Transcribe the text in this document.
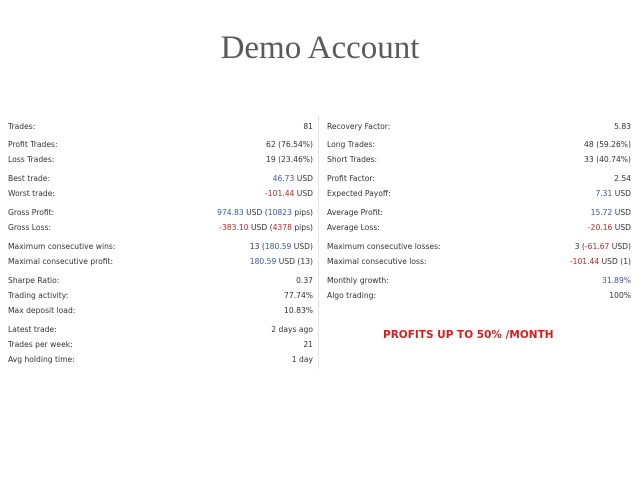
Demo Account
Trades:	81
Profit Trades:	62 (76.54%)
Loss Trades:	19 (23.46%)
Best trade:	46.73 USD
Worst trade:	-101.44 USD
Gross Profit:	974.83 USD (10823 pips)
Gross Loss:	-383.10 USD (4378 pips)
Maximum consecutive wins:	13 (180.59 USD)
Maximal consecutive profit:	180.59 USD (13)
Sharpe Ratio:	0.37
Trading activity:	77.74%
Max deposit load:	10.83%
Latest trade:	2 days ago
Trades per week:	21
Avg holding time:	1 day
Recovery Factor:	5.83
Long Trades:	48 (59.26%)
Short Trades:	33 (40.74%)
Profit Factor:	2.54
Expected Payoff:	7.31 USD
Average Profit:	15.72 USD
Average Loss:	-20.16 USD
Maximum consecutive losses:	3 (-61.67 USD)
Maximal consecutive loss:	-101.44 USD (1)
Monthly growth:	31.89%
Algo trading:	100%
PROFITS UP TO 50% /MONTH
